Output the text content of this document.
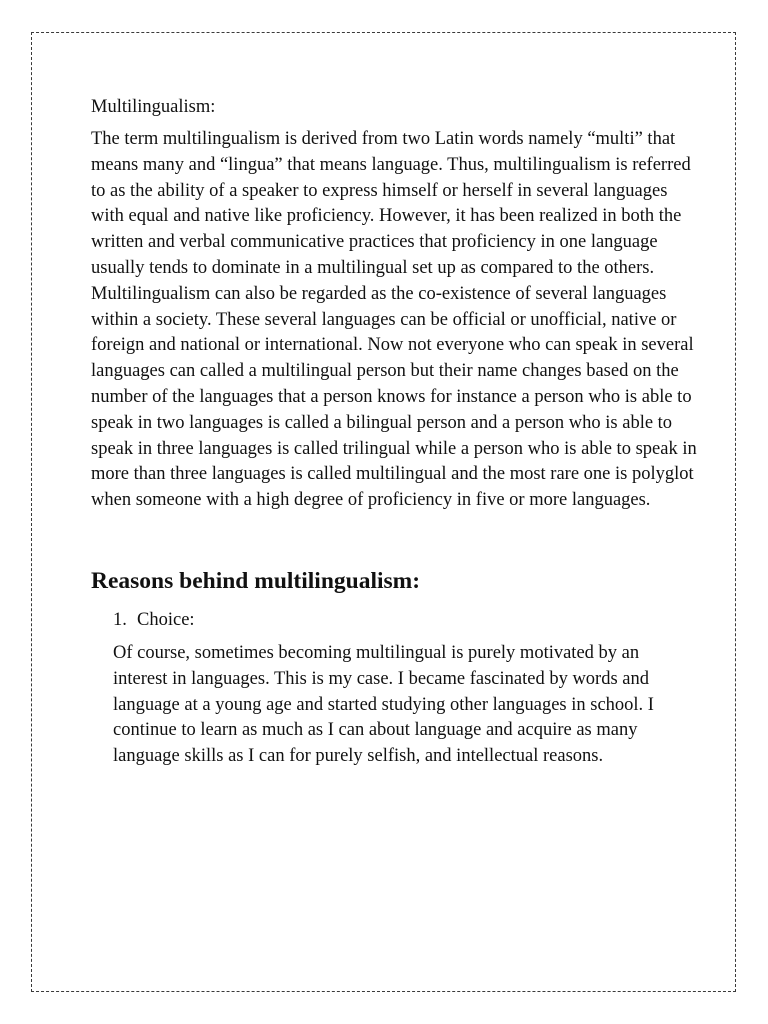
Multilingualism:

The term multilingualism is derived from two Latin words namely “multi” that means many and “lingua” that means language. Thus, multilingualism is referred to as the ability of a speaker to express himself or herself in several languages with equal and native like proficiency. However, it has been realized in both the written and verbal communicative practices that proficiency in one language usually tends to dominate in a multilingual set up as compared to the others. Multilingualism can also be regarded as the co-existence of several languages within a society. These several languages can be official or unofficial, native or foreign and national or international. Now not everyone who can speak in several languages can called a multilingual person but their name changes based on the number of the languages that a person knows for instance a person who is able to speak in two languages is called a bilingual person and a person who is able to speak in three languages is called trilingual while a person who is able to speak in more than three languages is called multilingual and the most rare one is polyglot when someone with a high degree of proficiency in five or more languages.

Reasons behind multilingualism:

1. Choice:

Of course, sometimes becoming multilingual is purely motivated by an interest in languages. This is my case. I became fascinated by words and language at a young age and started studying other languages in school. I continue to learn as much as I can about language and acquire as many language skills as I can for purely selfish, and intellectual reasons.
